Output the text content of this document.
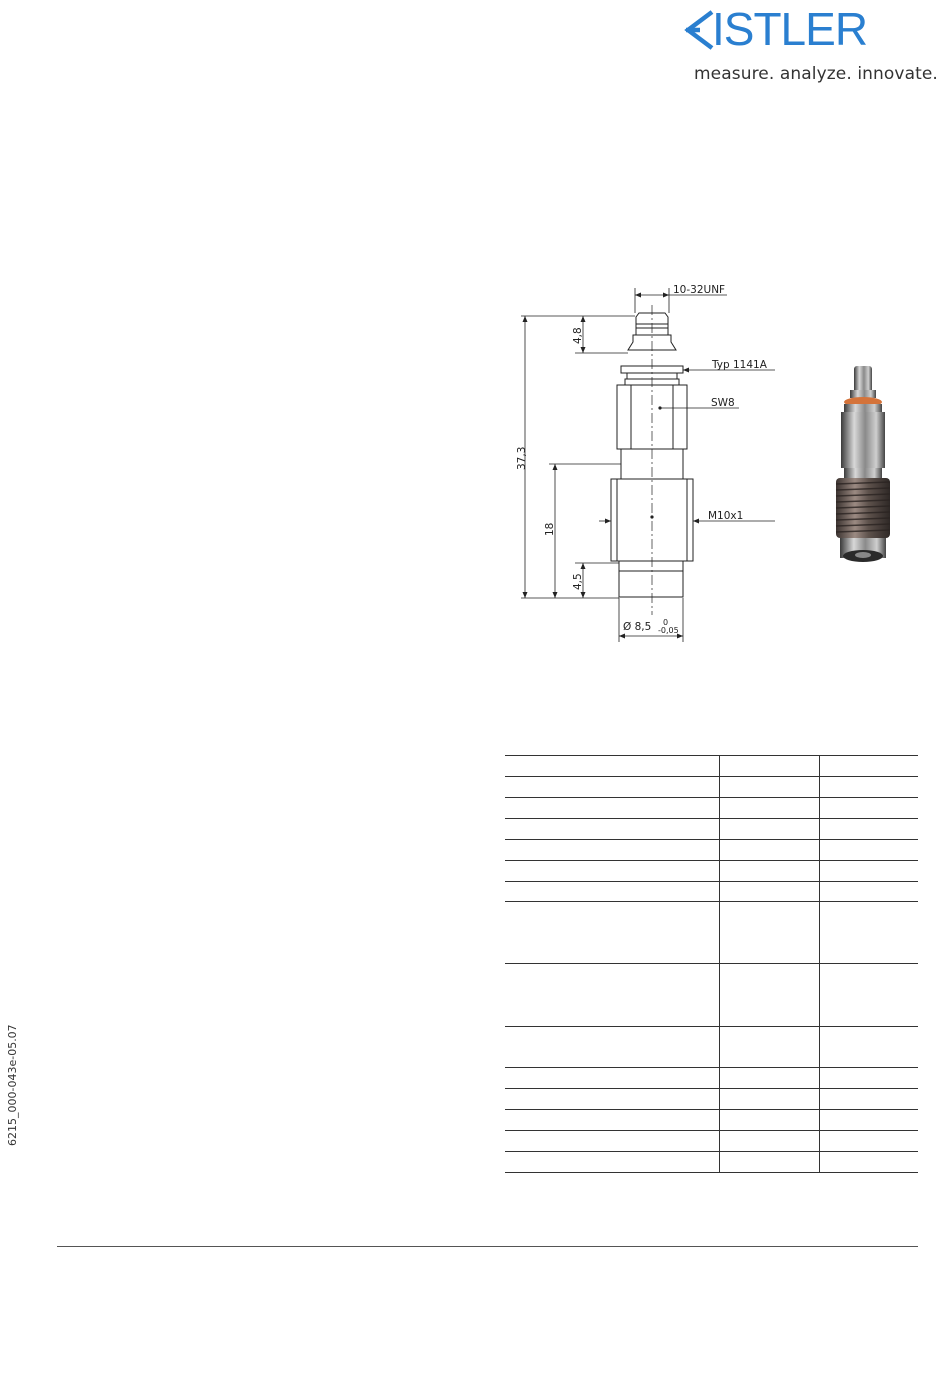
ISTLER
measure. analyze. innovate.
10-32UNF
Typ 1141A
SW8
M10x1
37,3
4,8
18
4,5
Ø 8,5 0
-0,05
6215_000-043e-05.07
